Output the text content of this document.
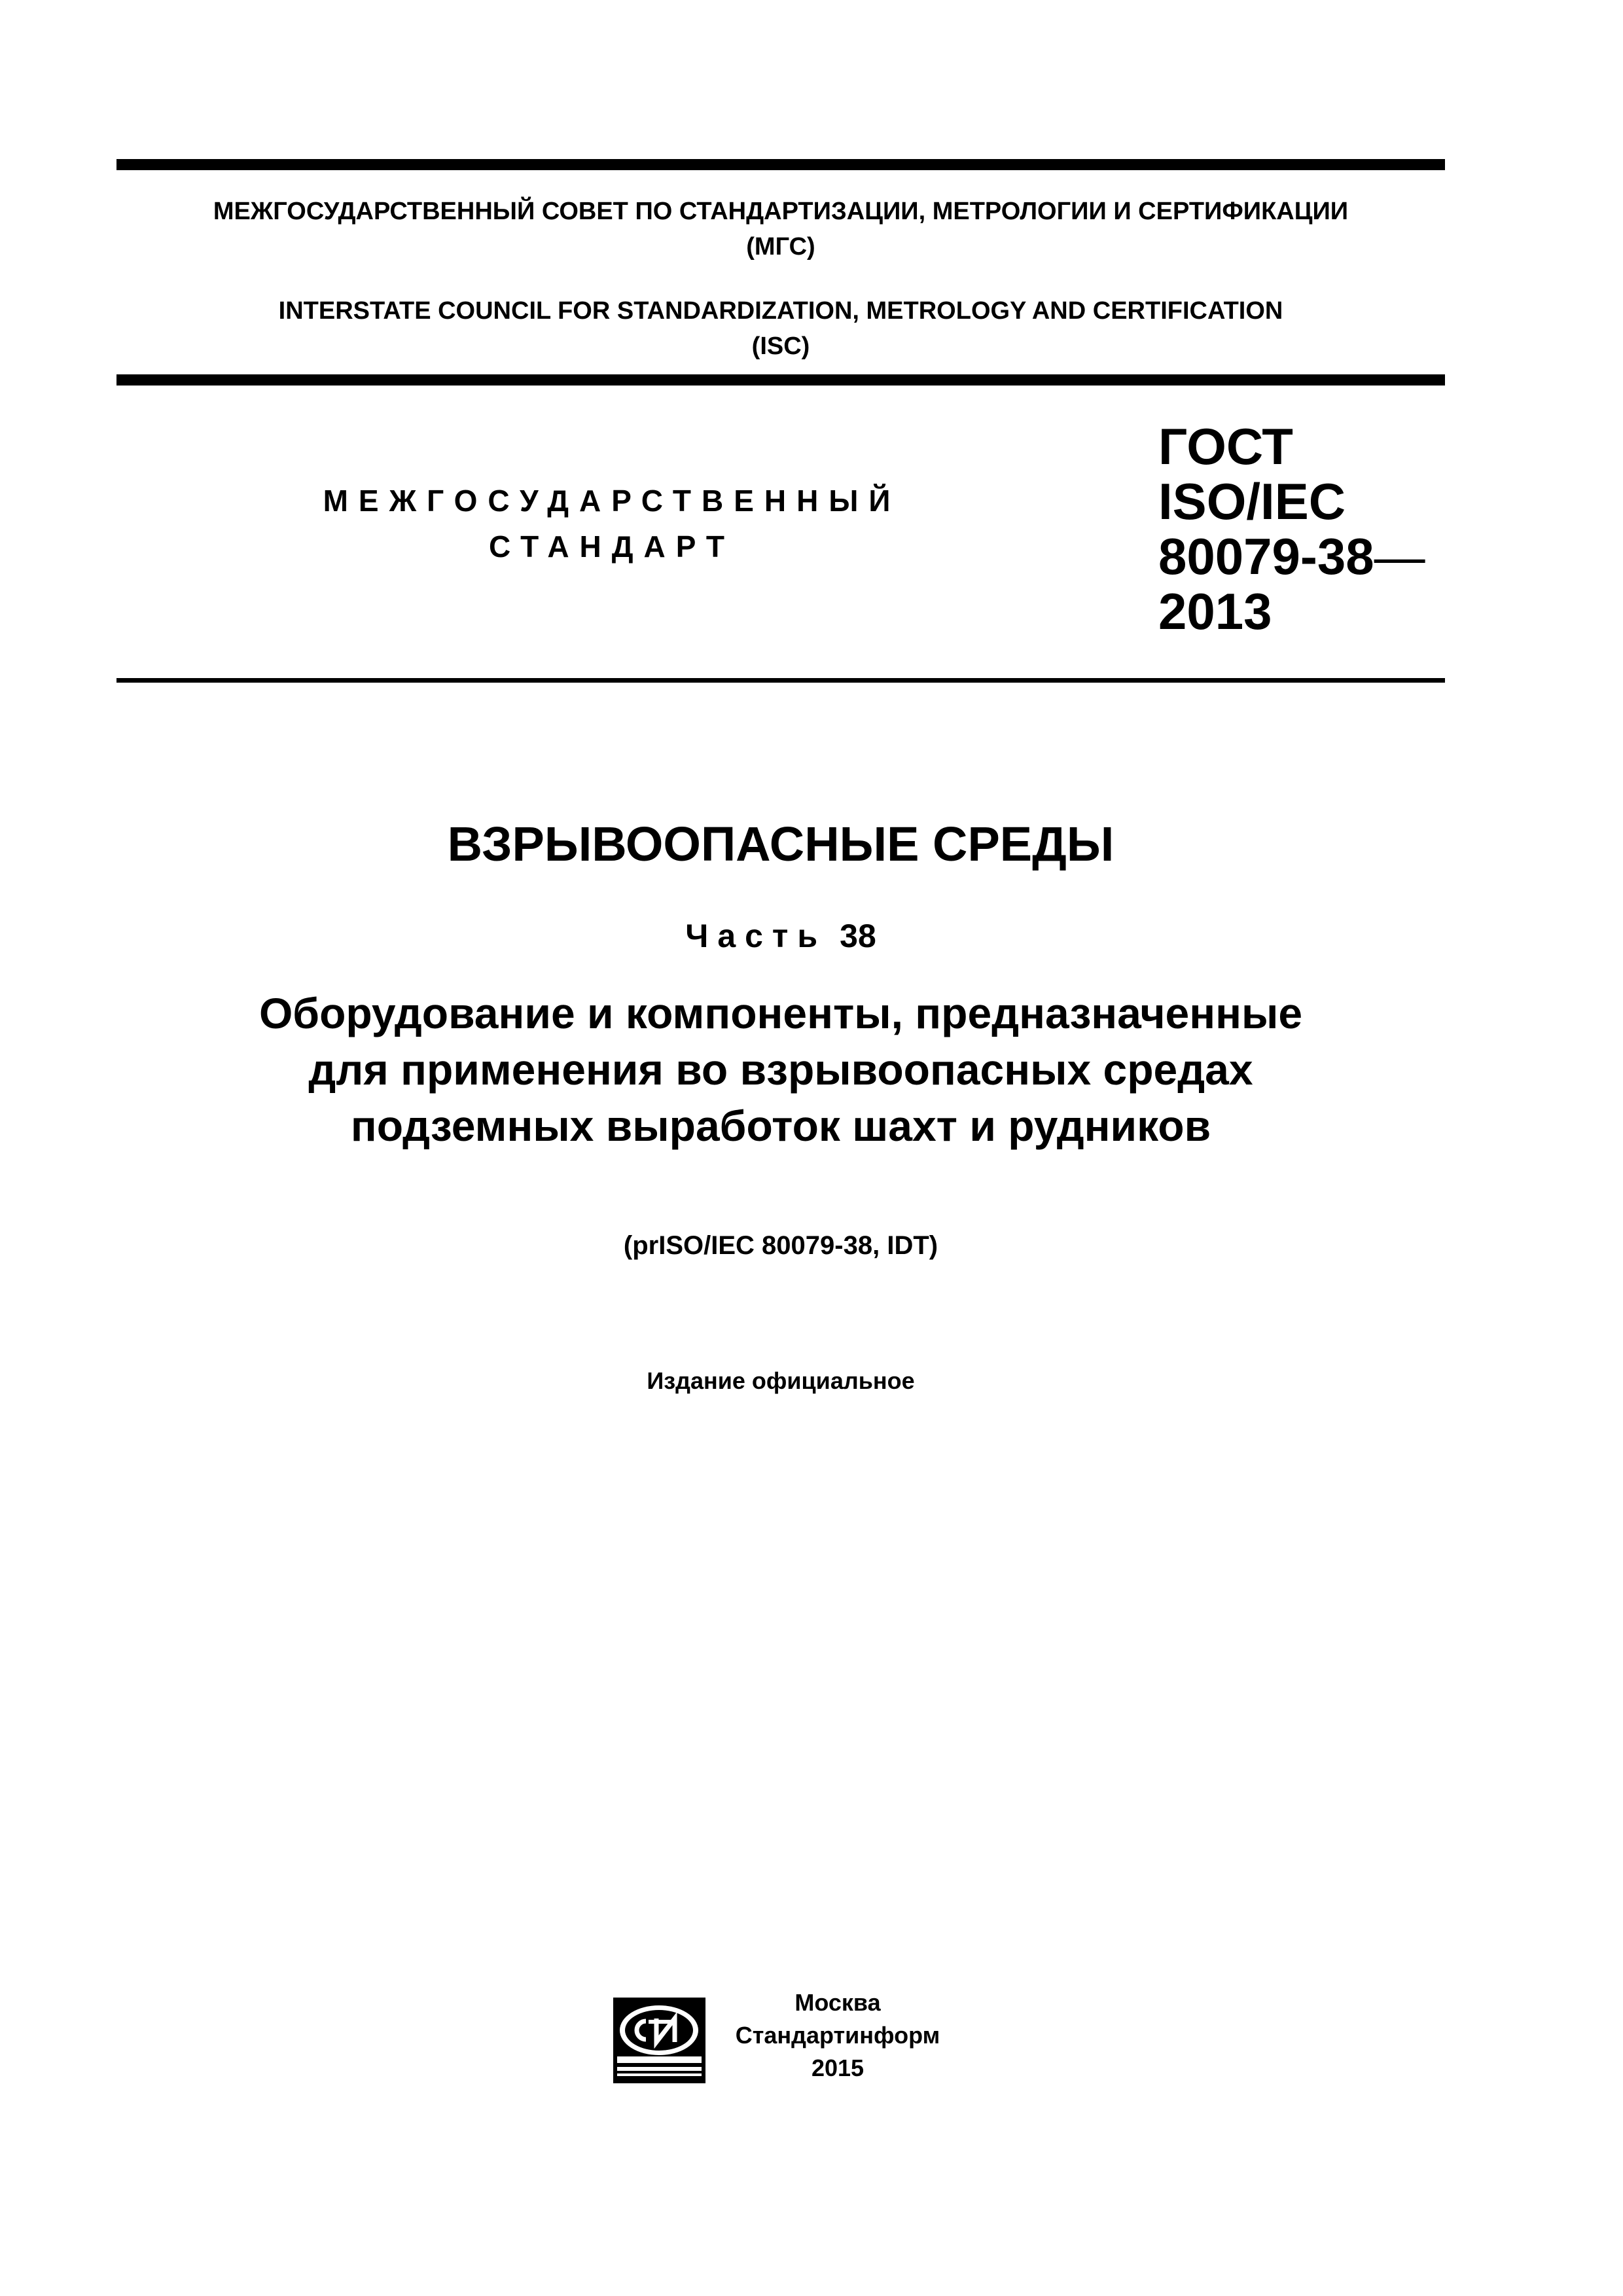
МЕЖГОСУДАРСТВЕННЫЙ СОВЕТ ПО СТАНДАРТИЗАЦИИ, МЕТРОЛОГИИ И СЕРТИФИКАЦИИ
(МГС)
INTERSTATE COUNCIL FOR STANDARDIZATION, METROLOGY AND CERTIFICATION
(ISC)
МЕЖГОСУДАРСТВЕННЫЙ
СТАНДАРТ
ГОСТ
ISO/IEC
80079-38—
2013
ВЗРЫВООПАСНЫЕ СРЕДЫ
Часть 38
Оборудование и компоненты, предназначенные
для применения во взрывоопасных средах
подземных выработок шахт и рудников
(prISO/IEC 80079-38, IDT)
Издание официальное
Москва
Стандартинформ
2015
